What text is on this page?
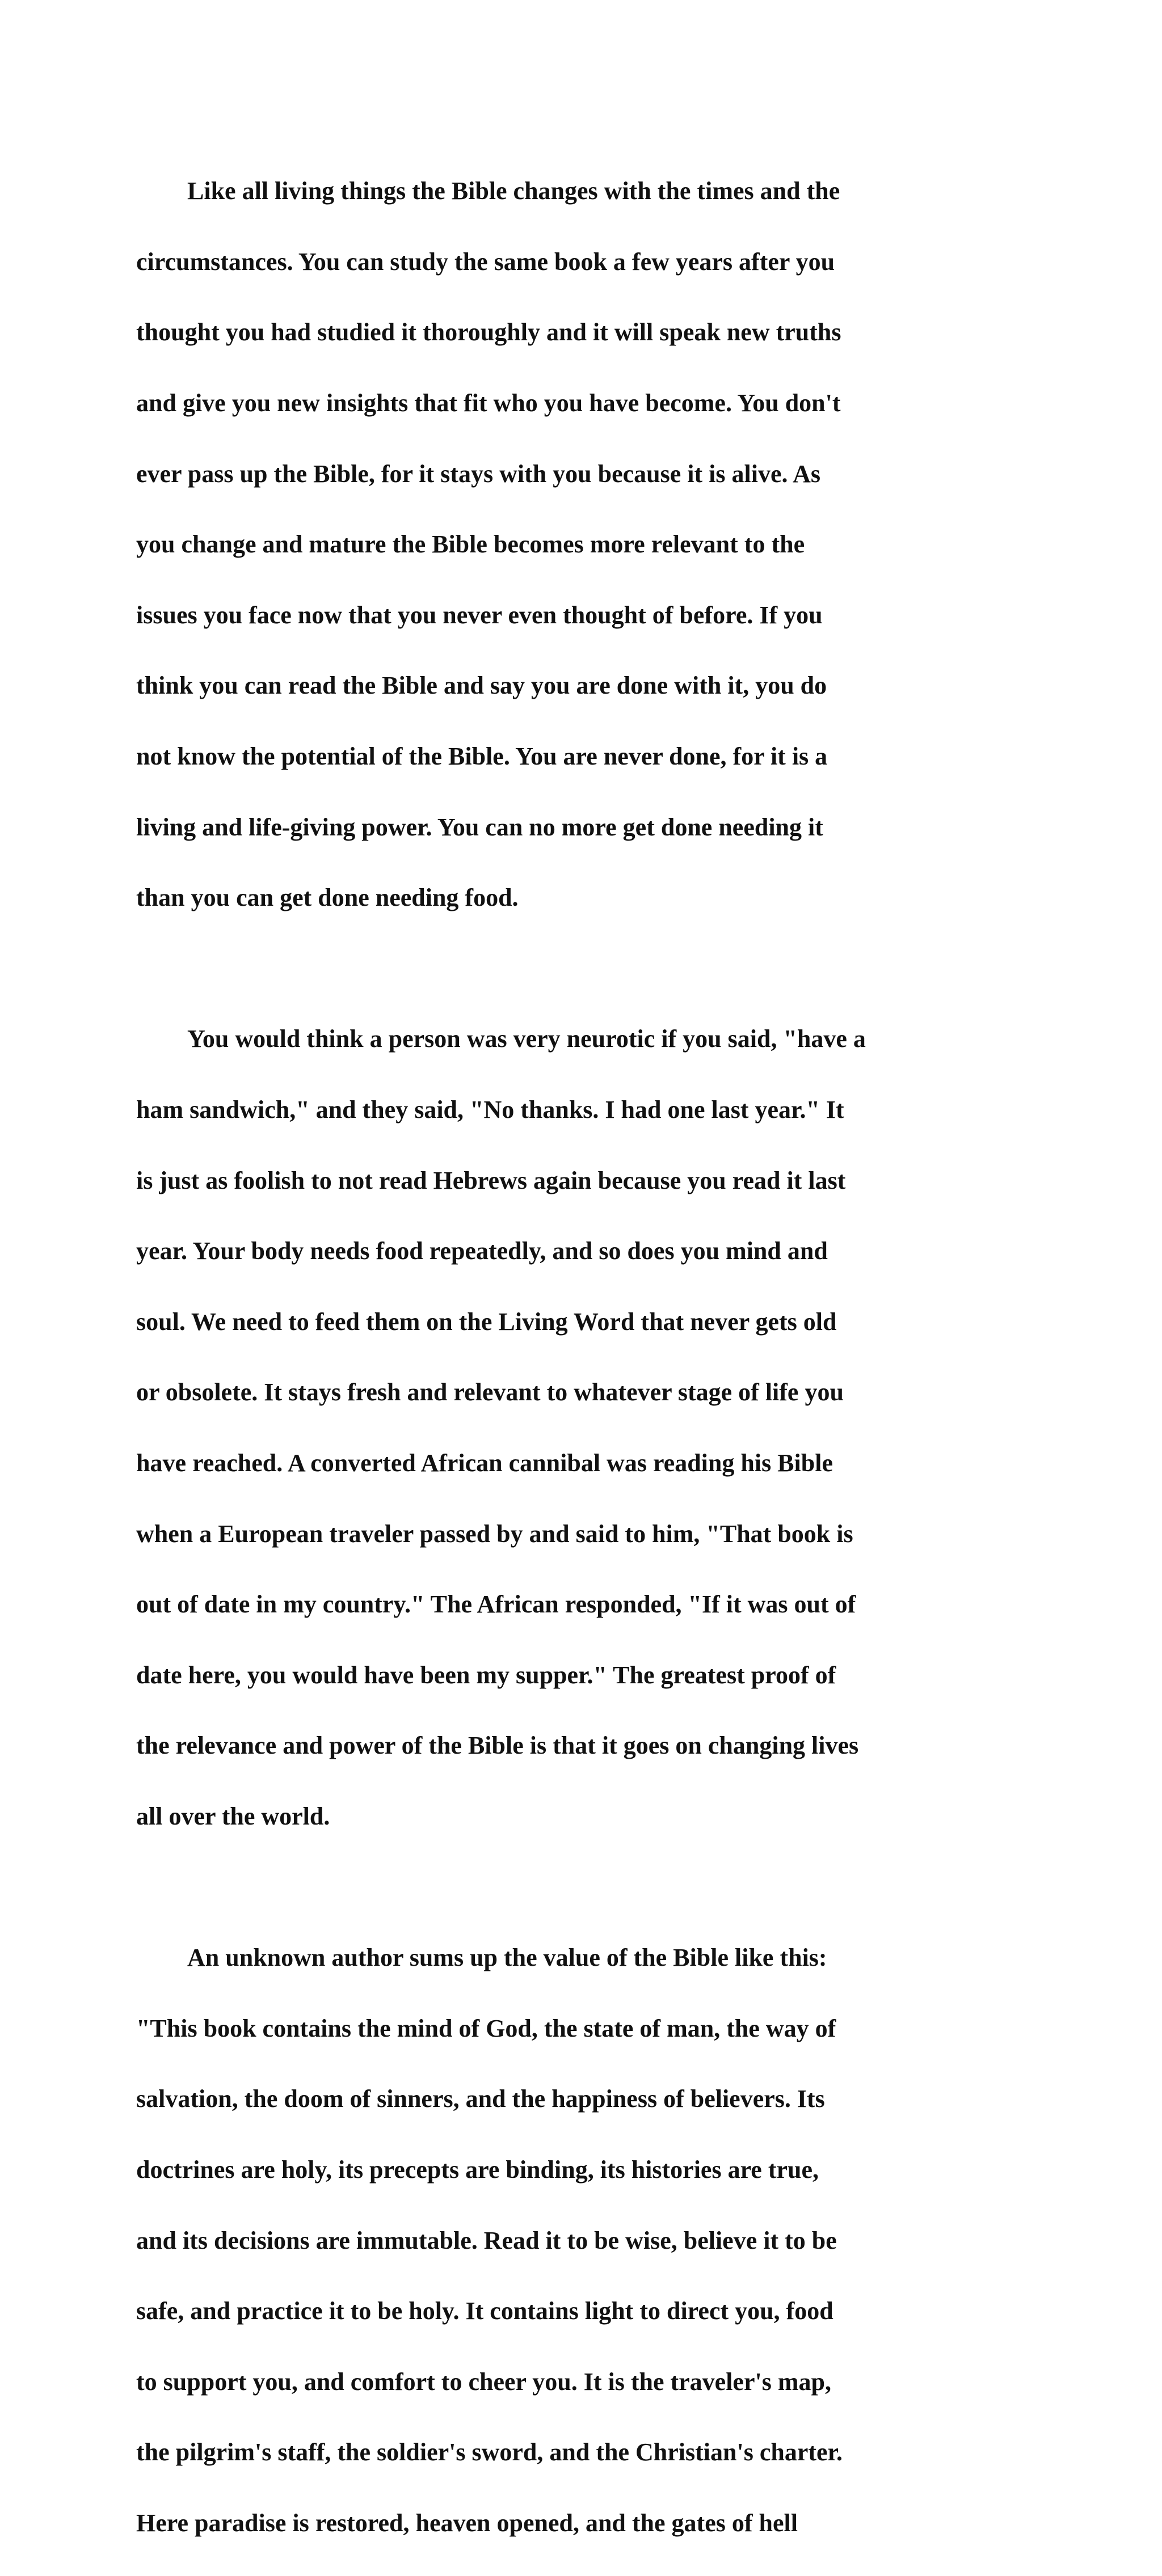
Like all living things the Bible changes with the times and the

circumstances. You can study the same book a few years after you

thought you had studied it thoroughly and it will speak new truths

and give you new insights that fit who you have become. You don't

ever pass up the Bible, for it stays with you because it is alive. As

you change and mature the Bible becomes more relevant to the

issues you face now that you never even thought of before. If you

think you can read the Bible and say you are done with it, you do

not know the potential of the Bible. You are never done, for it is a

living and life-giving power. You can no more get done needing it

than you can get done needing food.

You would think a person was very neurotic if you said, "have a

ham sandwich," and they said, "No thanks. I had one last year." It

is just as foolish to not read Hebrews again because you read it last

year. Your body needs food repeatedly, and so does you mind and

soul. We need to feed them on the Living Word that never gets old

or obsolete. It stays fresh and relevant to whatever stage of life you

have reached. A converted African cannibal was reading his Bible

when a European traveler passed by and said to him, "That book is

out of date in my country." The African responded, "If it was out of

date here, you would have been my supper." The greatest proof of

the relevance and power of the Bible is that it goes on changing lives

all over the world.

An unknown author sums up the value of the Bible like this:

"This book contains the mind of God, the state of man, the way of

salvation, the doom of sinners, and the happiness of believers. Its

doctrines are holy, its precepts are binding, its histories are true,

and its decisions are immutable. Read it to be wise, believe it to be

safe, and practice it to be holy. It contains light to direct you, food

to support you, and comfort to cheer you. It is the traveler's map,

the pilgrim's staff, the soldier's sword, and the Christian's charter.

Here paradise is restored, heaven opened, and the gates of hell
